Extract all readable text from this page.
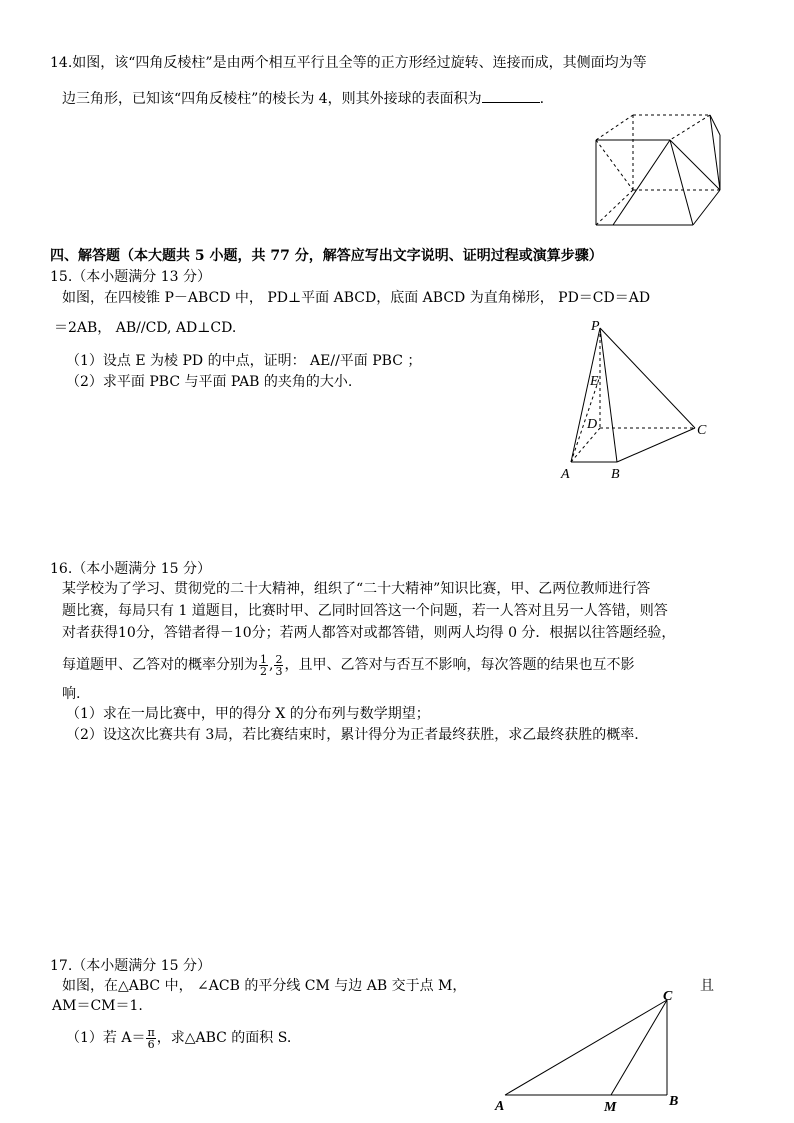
14.如图，该“四角反棱柱”是由两个相互平行且全等的正方形经过旋转、连接而成，其侧面均为等
边三角形，已知该“四角反棱柱”的棱长为 4，则其外接球的表面积为	.
四、解答题（本大题共 5 小题，共 77 分，解答应写出文字说明、证明过程或演算步骤）
15.（本小题满分 13 分）
如图，在四棱锥 P－ABCD 中， PD⊥平面 ABCD，底面 ABCD 为直角梯形， PD＝CD＝AD
＝2AB， AB//CD, AD⊥CD.
（1）设点 E 为棱 PD 的中点，证明： AE//平面 PBC ；
（2）求平面 PBC 与平面 PAB 的夹角的大小.
P
E
D	C
A	B
16.（本小题满分 15 分）
某学校为了学习、贯彻党的二十大精神，组织了“二十大精神”知识比赛，甲、乙两位教师进行答
题比赛，每局只有 1 道题目，比赛时甲、乙同时回答这一个问题，若一人答对且另一人答错，则答
对者获得10分，答错者得－10分；若两人都答对或都答错，则两人均得 0 分．根据以往答题经验，
每道题甲、乙答对的概率分别为 $\frac{1}{2}$ , $\frac{2}{3}$ ，且甲、乙答对与否互不影响，每次答题的结果也互不影
响.
（1）求在一局比赛中，甲的得分 X 的分布列与数学期望；
（2）设这次比赛共有 3局，若比赛结束时，累计得分为正者最终获胜，求乙最终获胜的概率.
17.（本小题满分 15 分）
如图，在△ABC 中， ∠ACB 的平分线 CM 与边 AB 交于点 M，	且
AM＝CM＝1.
（1）若 $A= \frac{\pi}{6}$ ，求△ABC 的面积 S.
C
A	M	B
